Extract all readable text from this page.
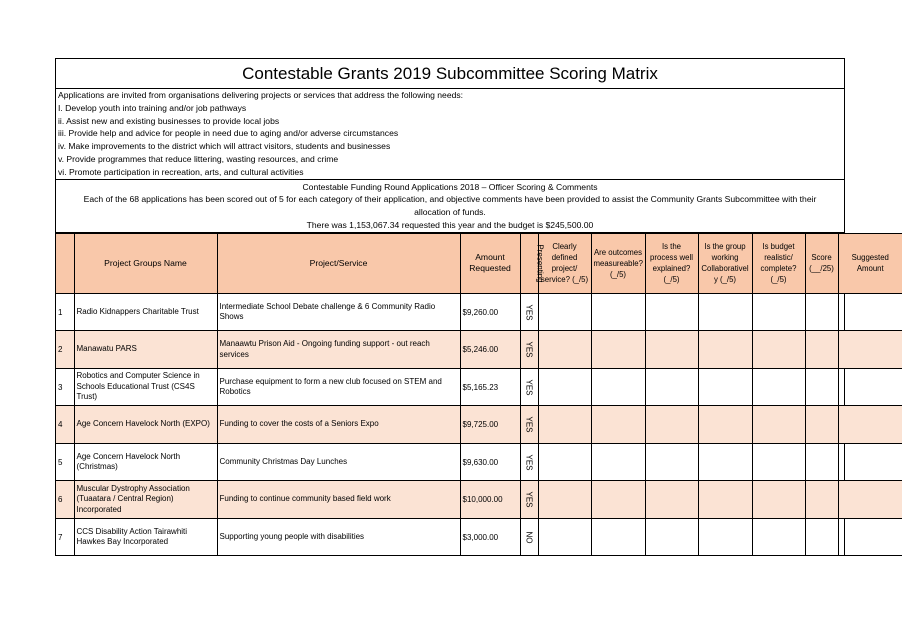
Contestable Grants 2019 Subcommittee Scoring Matrix
Applications are invited from organisations delivering projects or services that address the following needs:
I. Develop youth into training and/or job pathways
ii. Assist new and existing businesses to provide local jobs
iii. Provide help and advice for people in need due to aging and/or adverse circumstances
iv. Make improvements to the district which will attract visitors, students and businesses
v. Provide programmes that reduce littering, wasting resources, and crime
vi. Promote participation in recreation, arts, and cultural activities
Contestable Funding Round Applications 2018 – Officer Scoring & Comments
Each of the 68 applications has been scored out of 5 for each category of their application, and objective comments have been provided to assist the Community Grants Subcommittee with their
allocation of funds.
There was 1,153,067.34 requested this year and the budget is $245,500.00
	Project Groups Name	Project/Service	Amount Requested	Presenting	Clearly defined project/ service? (_/5)	Are outcomes measureable? (_/5)	Is the process well explained? (_/5)	Is the group working Collaborativel y (_/5)	Is budget realistic/ complete? (_/5)	Score (__/25)	Suggested Amount
1	Radio Kidnappers Charitable Trust	Intermediate School Debate challenge & 6 Community Radio Shows	$9,260.00	YES							
2	Manawatu PARS	Manaawtu Prison Aid - Ongoing funding support - out reach services	$5,246.00	YES							
3	Robotics and Computer Science in Schools Educational Trust (CS4S Trust)	Purchase equipment to form a new club focused on STEM and Robotics	$5,165.23	YES							
4	Age Concern Havelock North (EXPO)	Funding to cover the costs of a Seniors Expo	$9,725.00	YES							
5	Age Concern Havelock North (Christmas)	Community Christmas Day Lunches	$9,630.00	YES							
6	Muscular Dystrophy Association (Tuaatara / Central Region) Incorporated	Funding to continue community based field work	$10,000.00	YES							
7	CCS Disability Action Tairawhiti Hawkes Bay Incorporated	Supporting young people with disabilities	$3,000.00	NO							
